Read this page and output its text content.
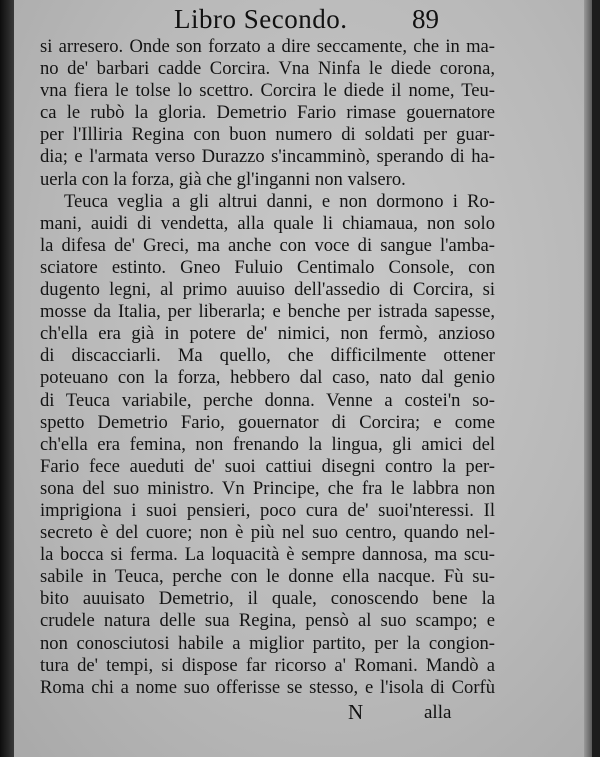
Libro Secondo. 89
si arresero. Onde son forzato a dire seccamente, che in ma-
no de' barbari cadde Corcira. Vna Ninfa le diede corona,
vna fiera le tolse lo scettro. Corcira le diede il nome, Teu-
ca le rubò la gloria. Demetrio Fario rimase gouernatore
per l'Illiria Regina con buon numero di soldati per guar-
dia; e l'armata verso Durazzo s'incamminò, sperando di ha-
uerla con la forza, già che gl'inganni non valsero.
Teuca veglia a gli altrui danni, e non dormono i Ro-
mani, auidi di vendetta, alla quale li chiamaua, non solo
la difesa de' Greci, ma anche con voce di sangue l'amba-
sciatore estinto. Gneo Fuluio Centimalo Console, con
dugento legni, al primo auuiso dell'assedio di Corcira, si
mosse da Italia, per liberarla; e benche per istrada sapesse,
ch'ella era già in potere de' nimici, non fermò, anzioso
di discacciarli. Ma quello, che difficilmente ottener
poteuano con la forza, hebbero dal caso, nato dal genio
di Teuca variabile, perche donna. Venne a costei'n so-
spetto Demetrio Fario, gouernator di Corcira; e come
ch'ella era femina, non frenando la lingua, gli amici del
Fario fece aueduti de' suoi cattiui disegni contro la per-
sona del suo ministro. Vn Principe, che fra le labbra non
imprigiona i suoi pensieri, poco cura de' suoi'nteressi. Il
secreto è del cuore; non è più nel suo centro, quando nel-
la bocca si ferma. La loquacità è sempre dannosa, ma scu-
sabile in Teuca, perche con le donne ella nacque. Fù su-
bito auuisato Demetrio, il quale, conoscendo bene la
crudele natura delle sua Regina, pensò al suo scampo; e
non conosciutosi habile a miglior partito, per la congion-
tura de' tempi, si dispose far ricorso a' Romani. Mandò a
Roma chi a nome suo offerisse se stesso, e l'isola di Corfù
N	alla
